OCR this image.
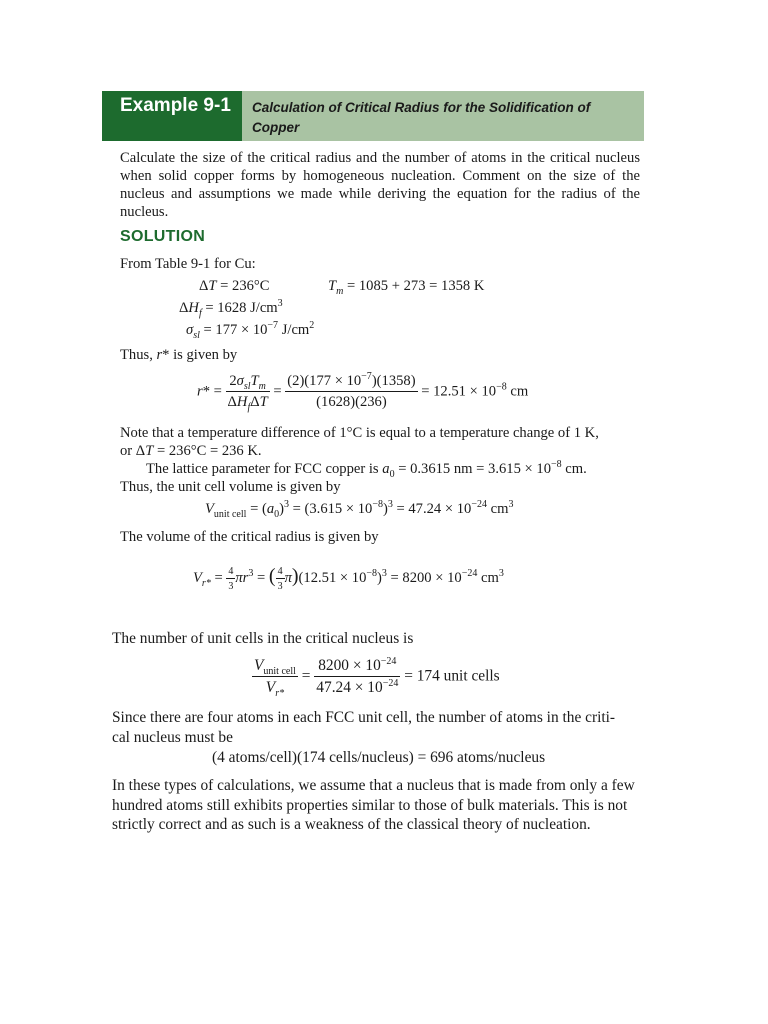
Example 9-1 Calculation of Critical Radius for the Solidification of Copper
Calculate the size of the critical radius and the number of atoms in the critical nucleus when solid copper forms by homogeneous nucleation. Comment on the size of the nucleus and assumptions we made while deriving the equation for the radius of the nucleus.
SOLUTION
From Table 9-1 for Cu:
ΔT = 236°C	$T_m = 1085 + 273 = 1358$ K
$\Delta H_f = 1628$ $J/cm^3$
$\sigma_{sl} = 177 \times 10^{-7}$ $J/cm^2$
Thus, r* is given by
$r* = \frac{2\sigma_{sl}T_m}{\Delta H_f\Delta T} = \frac{(2)(177 \times 10^{-7})(1358)}{(1628)(236)} = 12.51 \times 10^{-8}$ cm
Note that a temperature difference of 1°C is equal to a temperature change of 1 K,
or ΔT = 236°C = 236 K.
The lattice parameter for FCC copper is $a_0 = 0.3615$ nm = $3.615 \times 10^{-8}$ cm.
Thus, the unit cell volume is given by
$V_{unit cell} = (a_0)^3 = (3.615 \times 10^{-8})^3 = 47.24 \times 10^{-24}$ $cm^3$
The volume of the critical radius is given by
$V_{r*} = \frac{4}{3} \pi r^3$ = ( $\frac{4}{3} \pi)(12.51 \times 10^{-8})^3 = 8200 \times 10^{-24}$ $cm^3$
The number of unit cells in the critical nucleus is
$\frac{V_{unit cell}}{V_{r*}} = \frac{8200 \times 10^{-24}}{47.24 \times 10^{-24}} = 174$ unit cells
Since there are four atoms in each FCC unit cell, the number of atoms in the criti-
cal nucleus must be
(4 atoms/cell)(174 cells/nucleus) = 696 atoms/nucleus
In these types of calculations, we assume that a nucleus that is made from only a few
hundred atoms still exhibits properties similar to those of bulk materials. This is not
strictly correct and as such is a weakness of the classical theory of nucleation.
